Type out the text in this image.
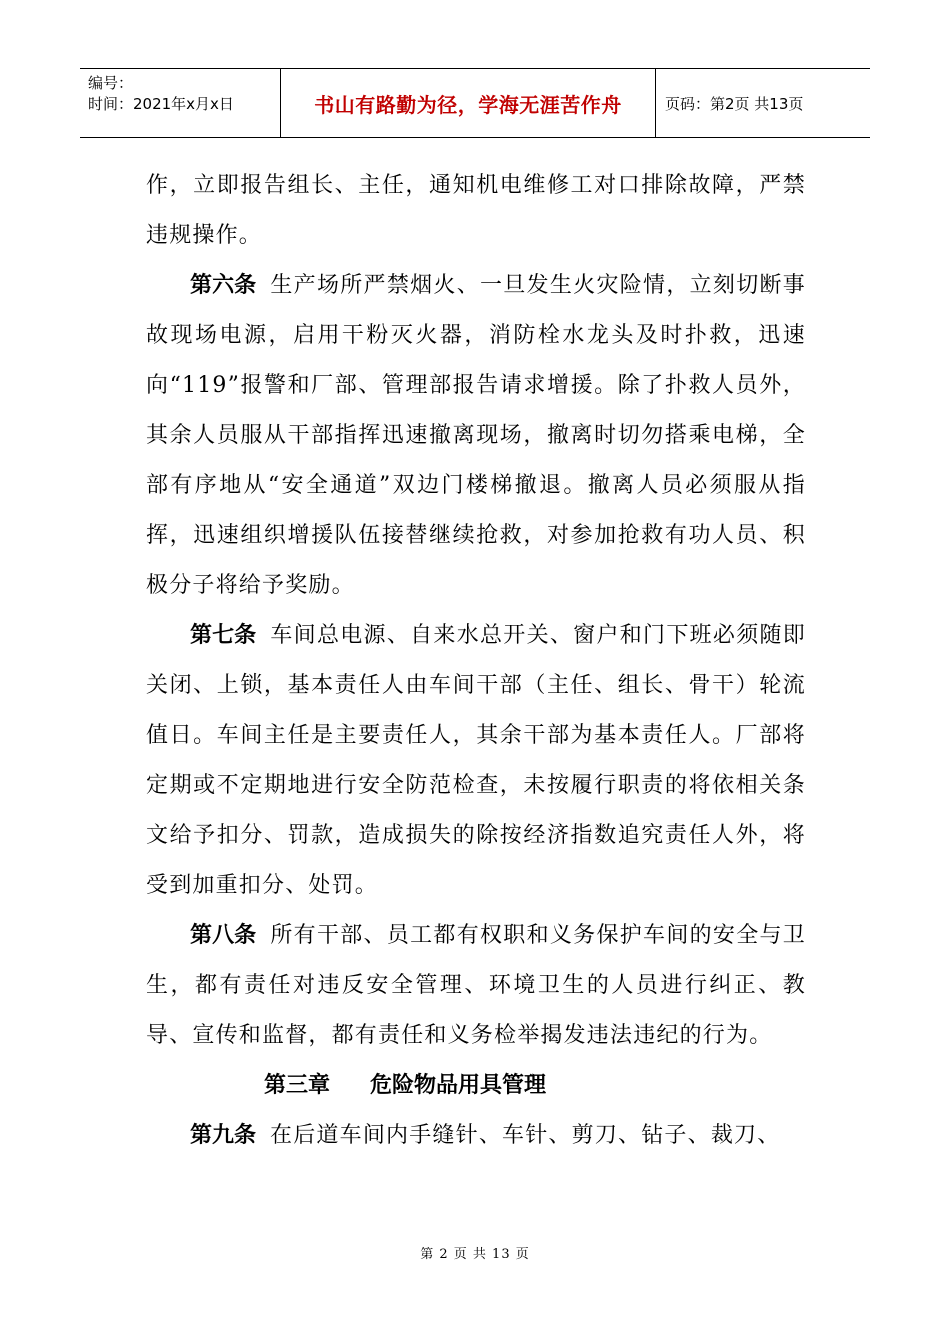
编号：
时间：2021年x月x日	书山有路勤为径，学海无涯苦作舟	页码：第2页 共13页

作，立即报告组长、主任，通知机电维修工对口排除故障，严禁违规操作。

第六条 生产场所严禁烟火、一旦发生火灾险情，立刻切断事故现场电源，启用干粉灭火器，消防栓水龙头及时扑救，迅速向“119”报警和厂部、管理部报告请求增援。除了扑救人员外，其余人员服从干部指挥迅速撤离现场，撤离时切勿搭乘电梯，全部有序地从“安全通道”双边门楼梯撤退。撤离人员必须服从指挥，迅速组织增援队伍接替继续抢救，对参加抢救有功人员、积极分子将给予奖励。

第七条 车间总电源、自来水总开关、窗户和门下班必须随即关闭、上锁，基本责任人由车间干部（主任、组长、骨干）轮流值日。车间主任是主要责任人，其余干部为基本责任人。厂部将定期或不定期地进行安全防范检查，未按履行职责的将依相关条文给予扣分、罚款，造成损失的除按经济指数追究责任人外，将受到加重扣分、处罚。

第八条 所有干部、员工都有权职和义务保护车间的安全与卫生，都有责任对违反安全管理、环境卫生的人员进行纠正、教导、宣传和监督，都有责任和义务检举揭发违法违纪的行为。

第三章 危险物品用具管理

第九条 在后道车间内手缝针、车针、剪刀、钻子、裁刀、

第 2 页 共 13 页
